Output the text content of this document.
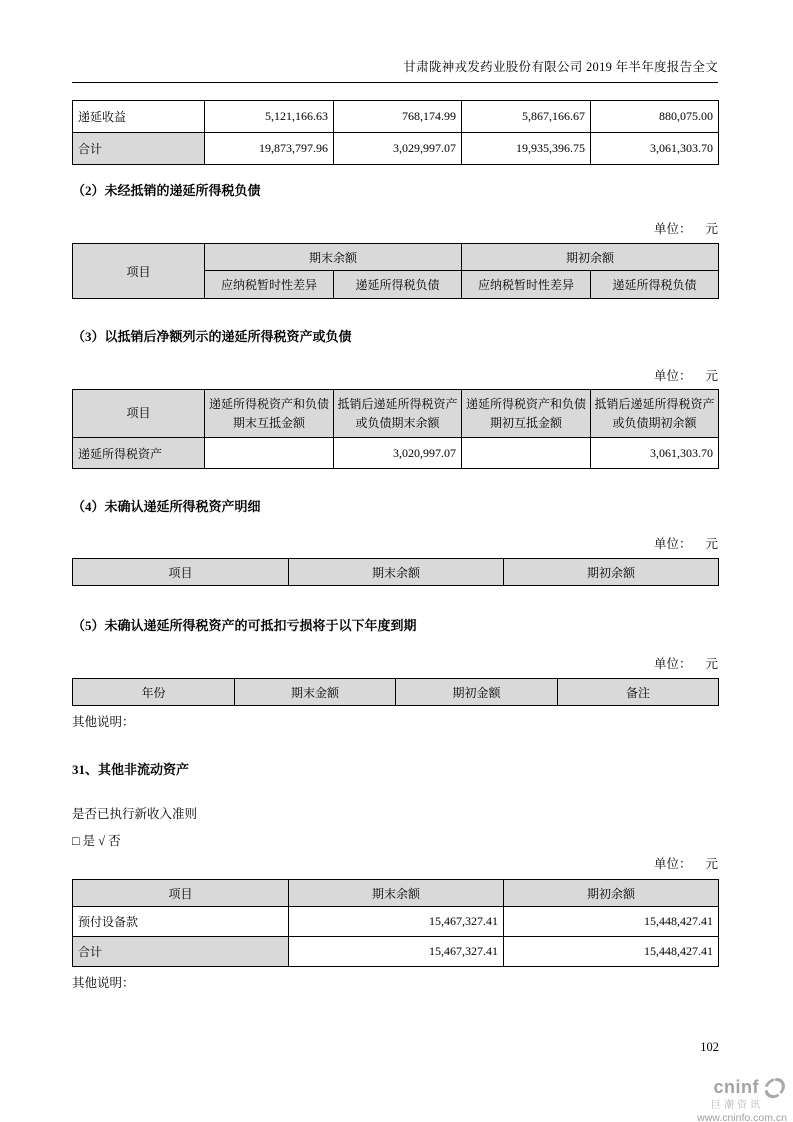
甘肃陇神戎发药业股份有限公司 2019 年半年度报告全文
递延收益	5,121,166.63	768,174.99	5,867,166.67	880,075.00
合计	19,873,797.96	3,029,997.07	19,935,396.75	3,061,303.70
（2）未经抵销的递延所得税负债
单位： 元
项目	期末余额		期初余额	
	应纳税暂时性差异	递延所得税负债	应纳税暂时性差异	递延所得税负债
（3）以抵销后净额列示的递延所得税资产或负债
单位： 元
项目	递延所得税资产和负债期末互抵金额	抵销后递延所得税资产或负债期末余额	递延所得税资产和负债期初互抵金额	抵销后递延所得税资产或负债期初余额
递延所得税资产		3,020,997.07		3,061,303.70
（4）未确认递延所得税资产明细
单位： 元
项目	期末余额	期初余额
（5）未确认递延所得税资产的可抵扣亏损将于以下年度到期
单位： 元
年份	期末金额	期初金额	备注
其他说明：
31、其他非流动资产
是否已执行新收入准则
□ 是 √ 否
单位： 元
项目	期末余额	期初余额
预付设备款	15,467,327.41	15,448,427.41
合计	15,467,327.41	15,448,427.41
其他说明：
102
cninf
巨潮资讯
www.cninfo.com.cn
